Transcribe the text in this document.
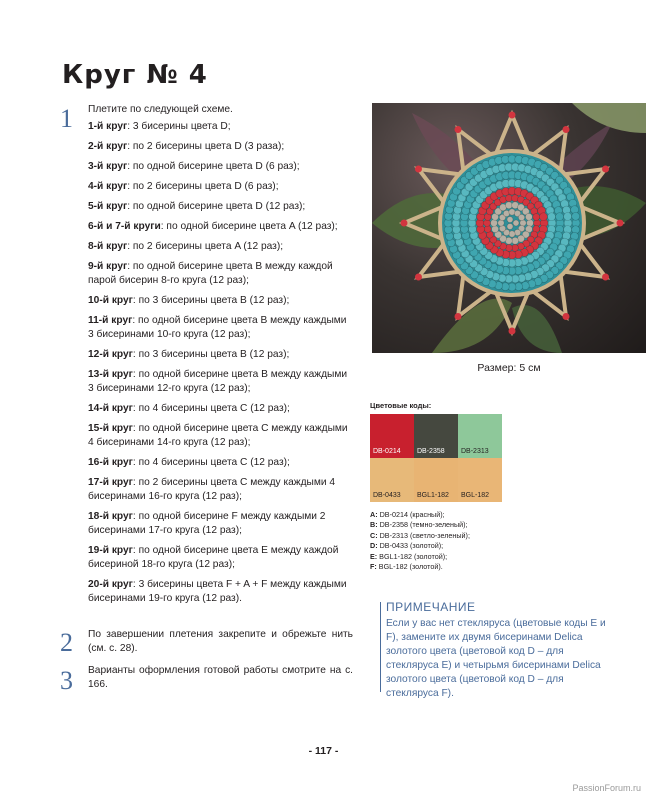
Круг № 4
1 Плетите по следующей схеме.
1-й круг: 3 бисерины цвета D;
2-й круг: по 2 бисерины цвета D (3 раза);
3-й круг: по одной бисерине цвета D (6 раз);
4-й круг: по 2 бисерины цвета D (6 раз);
5-й круг: по одной бисерине цвета D (12 раз);
6-й и 7-й круги: по одной бисерине цвета A (12 раз);
8-й круг: по 2 бисерины цвета A (12 раз);
9-й круг: по одной бисерине цвета B между каждой парой бисерин 8-го круга (12 раз);
10-й круг: по 3 бисерины цвета B (12 раз);
11-й круг: по одной бисерине цвета B между каждыми 3 бисеринами 10-го круга (12 раз);
12-й круг: по 3 бисерины цвета B (12 раз);
13-й круг: по одной бисерине цвета B между каждыми 3 бисеринами 12-го круга (12 раз);
14-й круг: по 4 бисерины цвета C (12 раз);
15-й круг: по одной бисерине цвета C между каждыми 4 бисеринами 14-го круга (12 раз);
16-й круг: по 4 бисерины цвета C (12 раз);
17-й круг: по 2 бисерины цвета C между каждыми 4 бисеринами 16-го круга (12 раз);
18-й круг: по одной бисерине F между каждыми 2 бисеринами 17-го круга (12 раз);
19-й круг: по одной бисерине цвета E между каждой бисериной 18-го круга (12 раз);
20-й круг: 3 бисерины цвета F + A + F между каждыми бисеринами 19-го круга (12 раз).
2 По завершении плетения закрепите и обрежьте нить (см. с. 28).
3 Варианты оформления готовой работы смотрите на с. 166.
Размер: 5 см
Цветовые коды:
DB-0214 DB-2358 DB-2313
DB-0433 BGL1-182 BGL-182
A: DB-0214 (красный);
B: DB-2358 (темно-зеленый);
C: DB-2313 (светло-зеленый);
D: DB-0433 (золотой);
E: BGL1-182 (золотой);
F: BGL-182 (золотой).
ПРИМЕЧАНИЕ
Если у вас нет стекляруса (цветовые коды E и F), замените их двумя бисеринами Delica золотого цвета (цветовой код D – для стеклярусa E) и четырьмя бисеринами Delica золотого цвета (цветовой код D – для стеклярусa F).
- 117 -
PassionForum.ru
